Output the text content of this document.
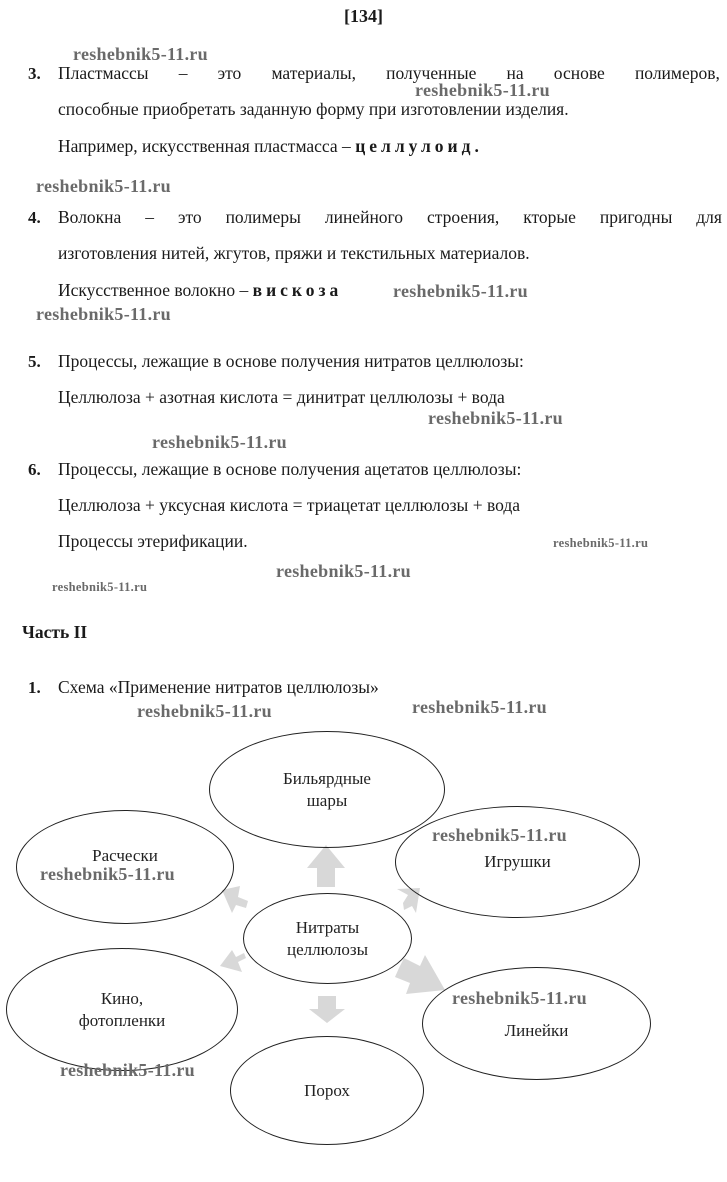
[134]
3. Пластмассы – это материалы, полученные на основе полимеров,
способные приобретать заданную форму при изготовлении изделия.
Например, искусственная пластмасса – целлулоид.
4. Волокна – это полимеры линейного строения, кторые пригодны для
изготовления нитей, жгутов, пряжи и текстильных материалов.
Искусственное волокно – вискоза
5. Процессы, лежащие в основе получения нитратов целлюлозы:
Целлюлоза + азотная кислота = динитрат целлюлозы + вода
6. Процессы, лежащие в основе получения ацетатов целлюлозы:
Целлюлоза + уксусная кислота = триацетат целлюлозы + вода
Процессы этерификации.
Часть II
1. Схема «Применение нитратов целлюлозы»
Бильярдные шары
Расчески	Игрушки
Нитраты целлюлозы
Кино, фотопленки
Линейки
Порох
reshebnik5-11.ru
reshebnik5-11.ru
reshebnik5-11.ru
reshebnik5-11.ru
reshebnik5-11.ru
reshebnik5-11.ru
reshebnik5-11.ru
reshebnik5-11.ru
reshebnik5-11.ru
reshebnik5-11.ru
reshebnik5-11.ru	reshebnik5-11.ru
reshebnik5-11.ru
reshebnik5-11.ru
reshebnik5-11.ru
reshebnik5-11.ru
